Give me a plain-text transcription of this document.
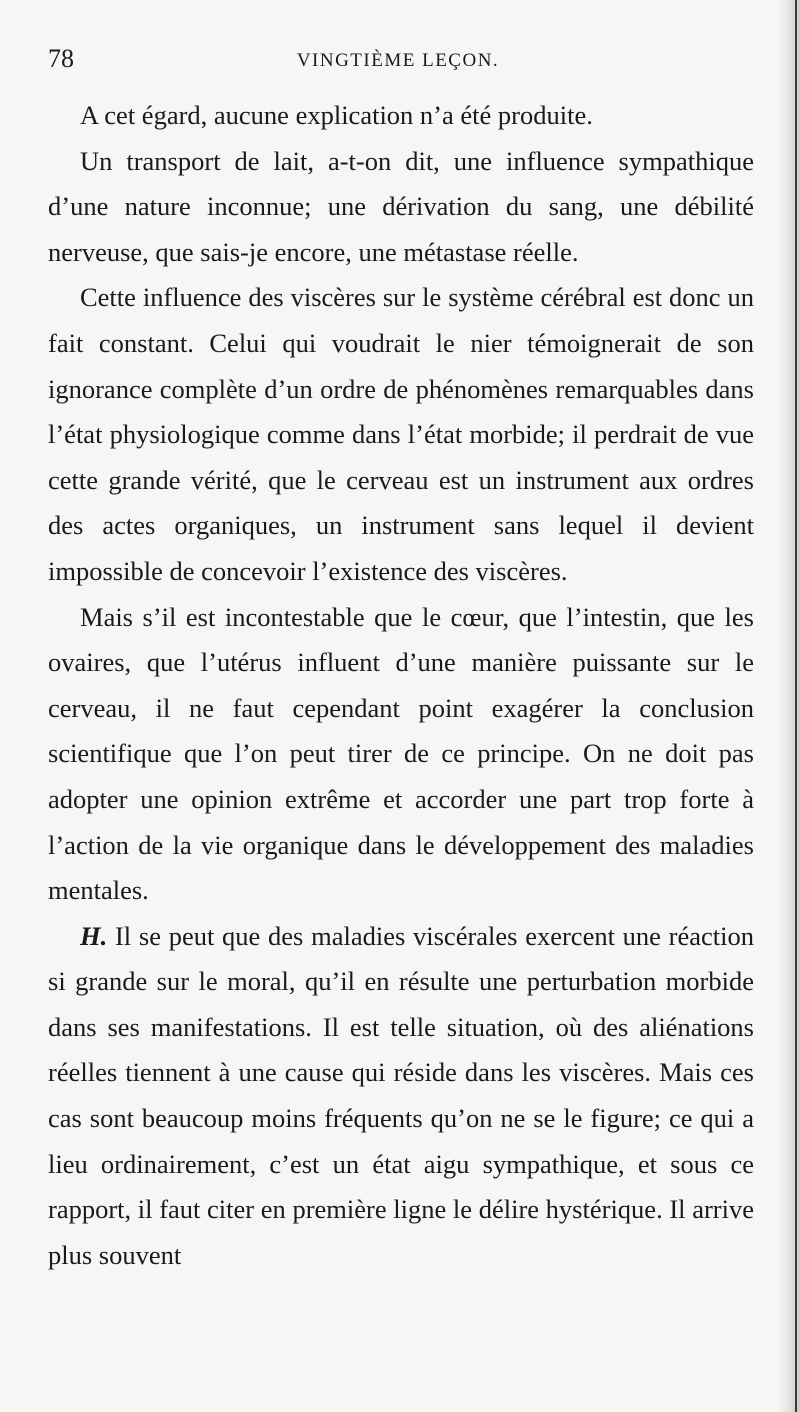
78	VINGTIÈME LEÇON.

A cet égard, aucune explication n’a été produite.

Un transport de lait, a-t-on dit, une influence sympathique d’une nature inconnue; une dérivation du sang, une débilité nerveuse, que sais-je encore, une métastase réelle.

Cette influence des viscères sur le système cérébral est donc un fait constant. Celui qui voudrait le nier témoignerait de son ignorance complète d’un ordre de phénomènes remarquables dans l’état physiologique comme dans l’état morbide; il perdrait de vue cette grande vérité, que le cerveau est un instrument aux ordres des actes organiques, un instrument sans lequel il devient impossible de concevoir l’existence des viscères.

Mais s’il est incontestable que le cœur, que l’intestin, que les ovaires, que l’utérus influent d’une manière puissante sur le cerveau, il ne faut cependant point exagérer la conclusion scientifique que l’on peut tirer de ce principe. On ne doit pas adopter une opinion extrême et accorder une part trop forte à l’action de la vie organique dans le développement des maladies mentales.

H. Il se peut que des maladies viscérales exercent une réaction si grande sur le moral, qu’il en résulte une perturbation morbide dans ses manifestations. Il est telle situation, où des aliénations réelles tiennent à une cause qui réside dans les viscères. Mais ces cas sont beaucoup moins fréquents qu’on ne se le figure; ce qui a lieu ordinairement, c’est un état aigu sympathique, et sous ce rapport, il faut citer en première ligne le délire hystérique. Il arrive plus souvent
